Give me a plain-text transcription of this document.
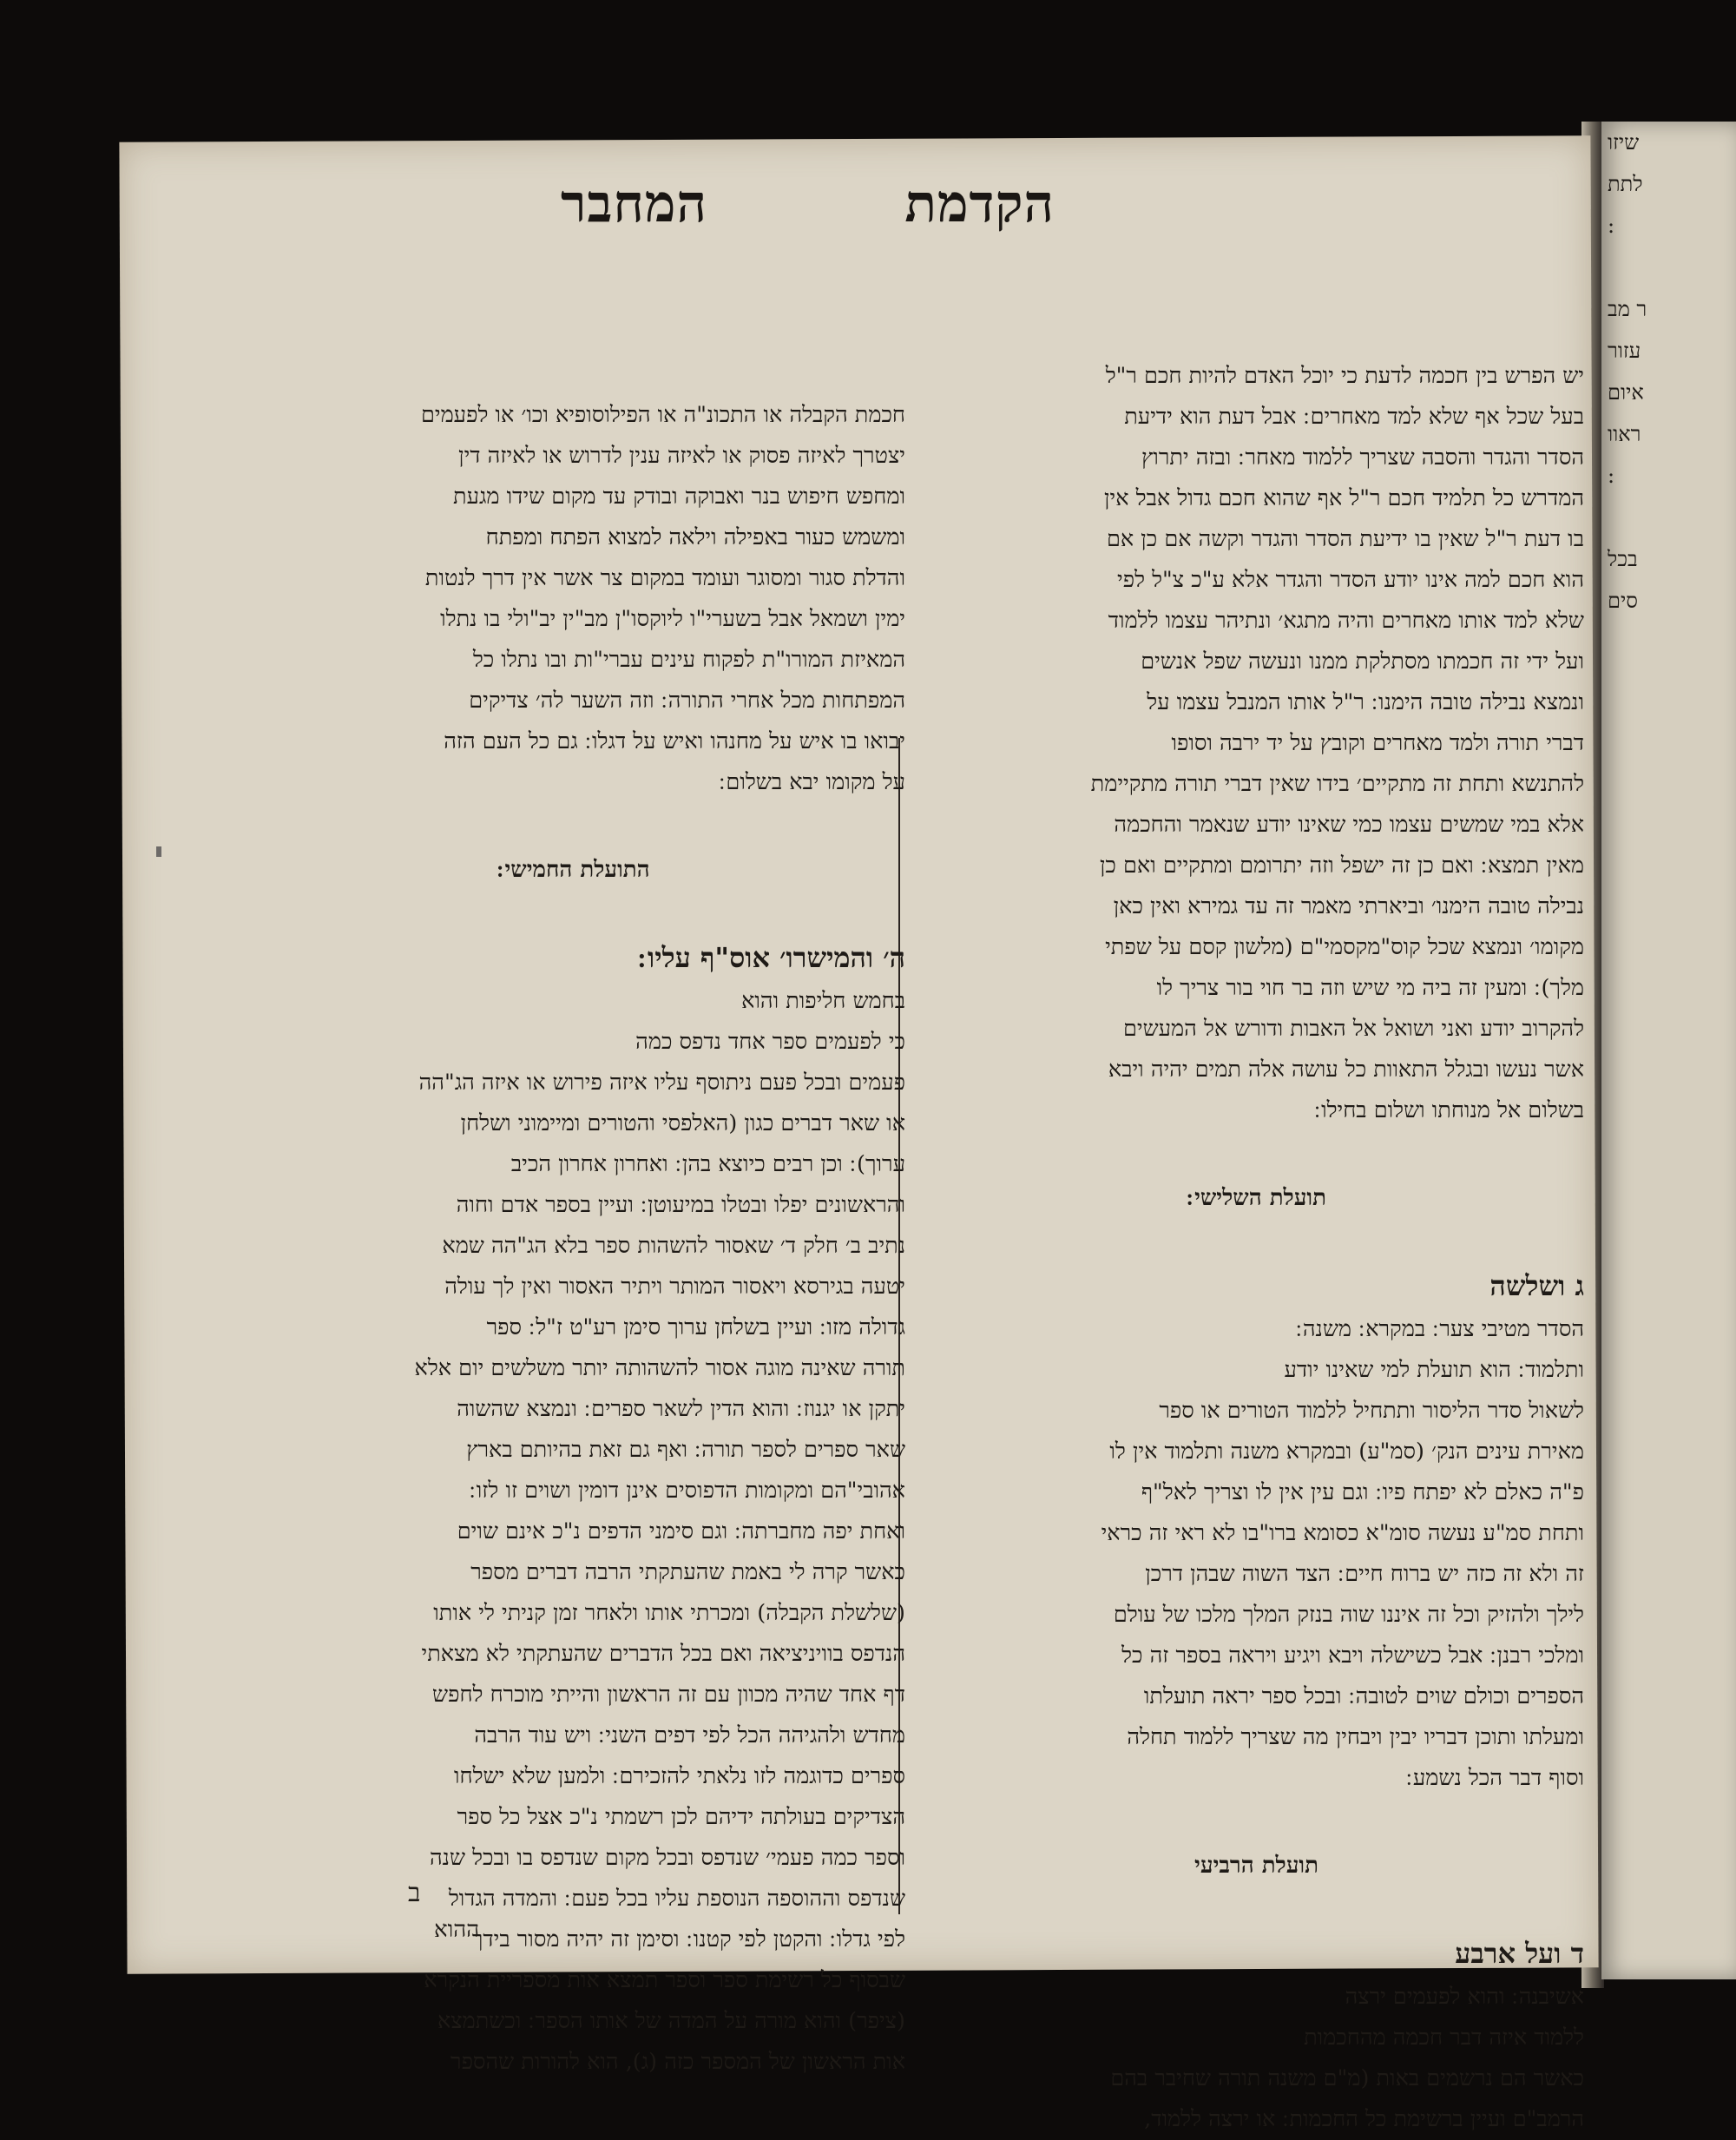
הקדמת
המחבר

יש הפרש בין חכמה לדעת כי יוכל האדם להיות חכם ר"ל

בעל שכל אף שלא למד מאחרים ׃ אבל דעת הוא ידיעת

הסדר והגדר והסבה שצריך ללמוד מאחר ׃ ובזה יתרוץ

המדרש כל תלמיד חכם ר"ל אף שהוא חכם גדול אבל אין

בו דעת ר"ל שאין בו ידיעת הסדר והגדר וקשה אם כן אם

הוא חכם למה אינו יודע הסדר והגדר אלא ע"כ צ"ל לפי

שלא למד אותו מאחרים והיה מתגא׳ ונתיהר עצמו ללמוד

ועל ידי זה חכמתו מסתלקת ממנו ונעשה שפל אנשים

ונמצא נבילה טובה הימנו ׃ ר"ל אותו המנבל עצמו על

דברי תורה ולמד מאחרים וקובץ על יד ירבה וסופו

להתנשא ותחת זה מתקיים׳ בידו שאין דברי תורה מתקיימת

אלא במי שמשים עצמו כמי שאינו יודע שנאמר והחכמה

מאין תמצא ׃ ואם כן זה ישפל וזה יתרומם ומתקיים ואם כן

נבילה טובה הימנו׳ וביארתי מאמר זה עד גמירא ואין כאן

מקומו׳ ונמצא שכל קוס"מקסמי"ם (מלשון קסם על שפתי

מלך) ׃ ומעין זה ביה מי שיש וזה בר חוי בור צריך לו

להקרוב יודע ואני ושואל אל האבות ודורש אל המעשים

אשר נעשו ובגלל התאוות כל עושה אלה תמים יהיה ויבא

בשלום אל מנוחתו ושלום בחילו ׃

תועלת השלישי ׃

ג ושלשה

הסדר מטיבי צער ׃ במקרא ׃ משנה ׃

ותלמוד ׃ הוא תועלת למי שאינו יודע

לשאול סדר הליסור ותתחיל ללמוד הטורים או ספר

מאירת עינים הנק׳ (סמ"ע) ובמקרא משנה ותלמוד אין לו

פ"ה כאלם לא יפתח פיו ׃ וגם עין אין לו וצריך לאל"ף

ותחת סמ"ע נעשה סומ"א כסומא ברו"בו לא ראי זה כראי

זה ולא זה כזה יש ברוח חיים ׃ הצד השוה שבהן דרכן

לילך ולהזיק וכל זה איננו שוה בנזק המלך מלכו של עולם

ומלכי רבנן ׃ אבל כשישלה ויבא ויגיע ויראה בספר זה כל

הספרים וכולם שוים לטובה ׃ ובכל ספר יראה תועלתו

ומעלתו ותוכן דבריו יבין ויבחין מה שצריך ללמוד תחלה

וסוף דבר הכל נשמע ׃

תועלת הרביעי

ד ועל ארבע

אשיבנה ׃ והוא לפעמים ירצה

ללמוד איזה דבר חכמה מהחכמות

כאשר הם נרשמים באות (מ"ם משנה תורה שחיבר בהם

הרמב"ם ועיין ברשימת כל החכמות ׃ או ירצה ללמוד,

חכמת הקבלה או התכונ"ה או הפילוסופיא וכו׳ או לפעמים

יצטרך לאיזה פסוק או לאיזה ענין לדרוש או לאיזה דין

ומחפש חיפוש בנר ואבוקה ובודק עד מקום שידו מגעת

ומשמש כעור באפילה וילאה למצוא הפתח ומפתח

והדלת סגור ומסוגר ועומד במקום צר אשר אין דרך לנטות

ימין ושמאל אבל בשערי"ו ליוקסו"ן מב"ין יב"ולי בו נתלו

המאיזת המורו"ת לפקוח עינים עברי"ות ובו נתלו כל

המפתחות מכל אחרי התורה ׃ וזה השער לה׳ צדיקים

יבואו בו איש על מחנהו ואיש על דגלו ׃ גם כל העם הזה

על מקומו יבא בשלום ׃

התועלת החמישי ׃

ה׳ והמישרו׳ אוס"ף עליו ׃

בחמש חליפות והוא

כי לפעמים ספר אחד נדפס כמה

פעמים ובכל פעם ניתוסף עליו איזה פירוש או איזה הג"הה

או שאר דברים כגון (האלפסי והטורים ומיימוני ושלחן

ערוך) ׃ וכן רבים כיוצא בהן ׃ ואחרון אחרון הכיב

והראשונים יפלו ובטלו במיעוטן ׃ ועיין בספר אדם וחוה

נתיב ב׳ חלק ד׳ שאסור להשהות ספר בלא הג"הה שמא

יטעה בגירסא ויאסור המותר ויתיר האסור ואין לך עולה

גדולה מזו ׃ ועיין בשלחן ערוך סימן רע"ט ז"ל ׃ ספר

תורה שאינה מוגה אסור להשהותה יותר משלשים יום אלא

יתקן או יגנוז ׃ והוא הדין לשאר ספרים ׃ ונמצא שהשוה

שאר ספרים לספר תורה ׃ ואף גם זאת בהיותם בארץ

אהובי"הם ומקומות הדפוסים אינן דומין ושוים זו לזו ׃

ואחת יפה מחברתה ׃ וגם סימני הדפים נ"כ אינם שוים

כאשר קרה לי באמת שהעתקתי הרבה דברים מספר

(שלשלת הקבלה) ומכרתי אותו ולאחר זמן קניתי לי אותו

הנדפס בוויניציאה ואם בכל הדברים שהעתקתי לא מצאתי

דף אחד שהיה מכוון עם זה הראשון והייתי מוכרח לחפש

מחדש ולהגיהה הכל לפי דפים השני ׃ ויש עוד הרבה

ספרים כדוגמה לזו נלאתי להזכירם ׃ ולמען שלא ישלחו

הצדיקים בעולתה ידיהם לכן רשמתי נ"כ אצל כל ספר

וספר כמה פעמי׳ שנדפס ובכל מקום שנדפס בו ובכל שנה

שנדפס וההוספה הנוספת עליו בכל פעם ׃ והמדה הגדול

לפי גדלו ׃ והקטן לפי קטנו ׃ וסימן זה יהיה מסור בידך

שבסוף כל רשימת ספר וספר תמצא אות מספריית הנקרא

(ציפר) והוא מורה על המדה של אותו הספר ׃ וכשתמצא

אות הראשון של המספר כזה (ג), הוא להורות שהספר

ב
ההוא
שיזו
לתת
:
ר מב
עזור
איום
ראוו
:
בכל
סים
